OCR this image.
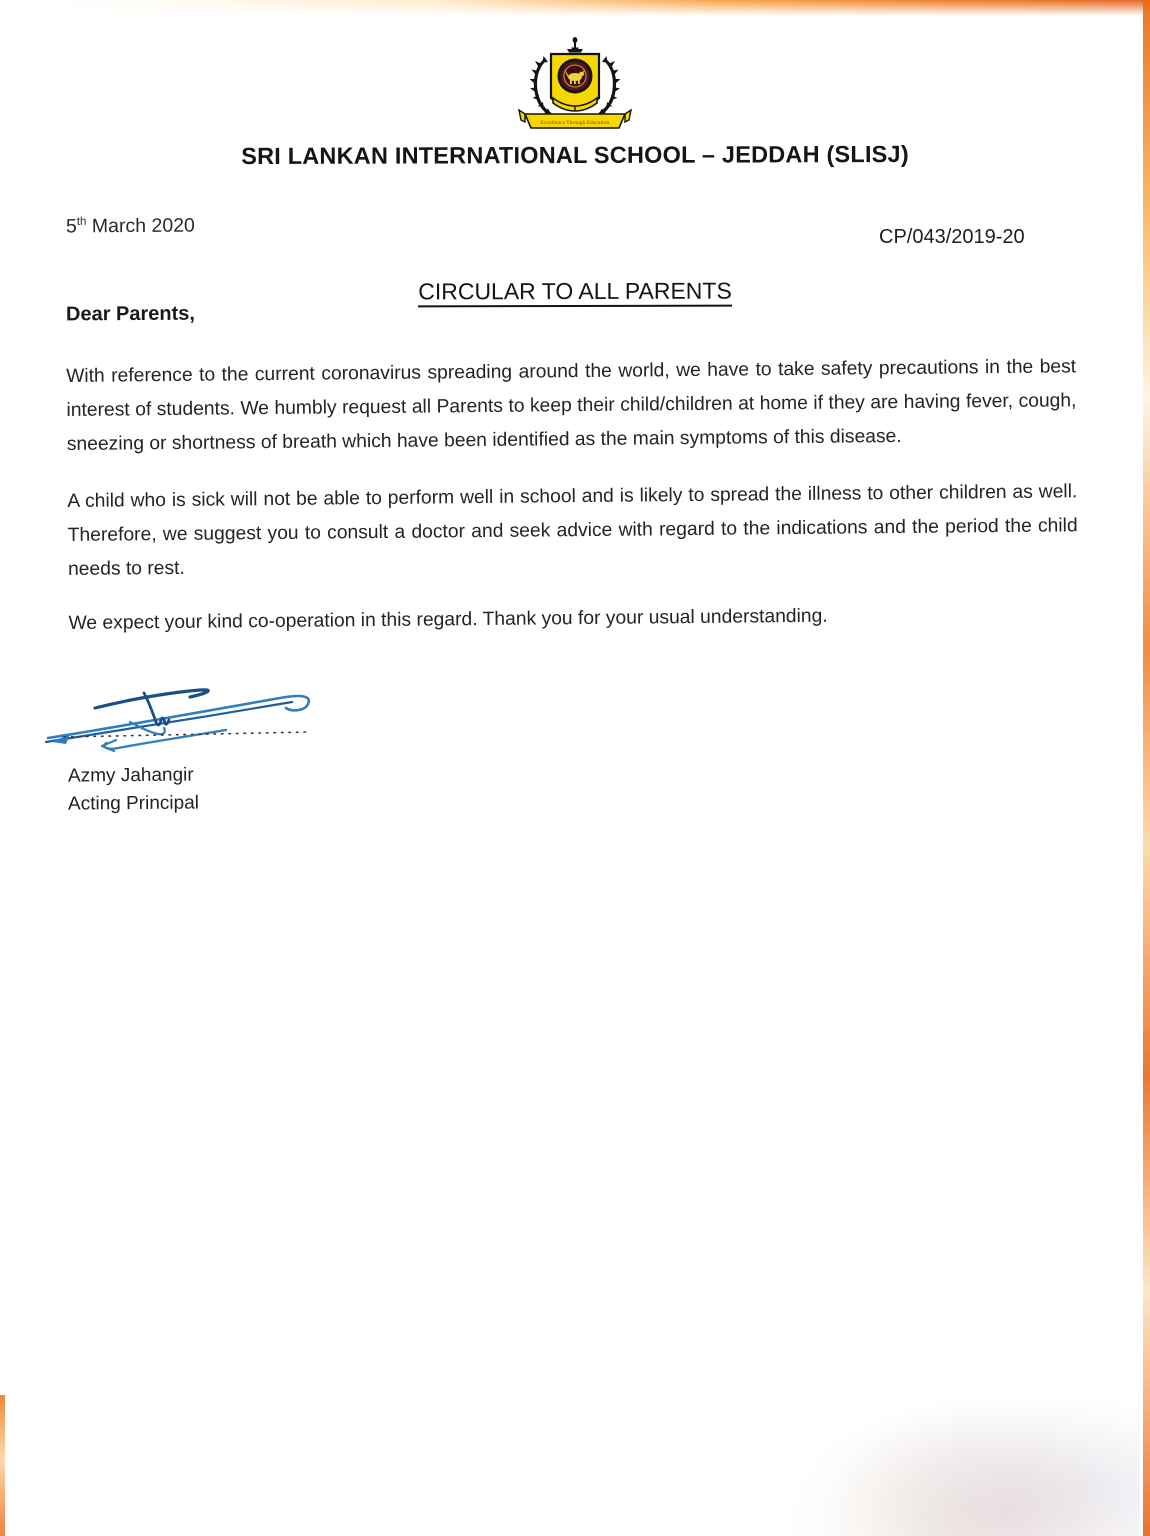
Excellence Through Education
SRI LANKAN INTERNATIONAL SCHOOL – JEDDAH (SLISJ)
5th March 2020	CP/043/2019-20
CIRCULAR TO ALL PARENTS
Dear Parents,

With reference to the current coronavirus spreading around the world, we have to take safety precautions in the best interest of students. We humbly request all Parents to keep their child/children at home if they are having fever, cough, sneezing or shortness of breath which have been identified as the main symptoms of this disease.

A child who is sick will not be able to perform well in school and is likely to spread the illness to other children as well. Therefore, we suggest you to consult a doctor and seek advice with regard to the indications and the period the child needs to rest.

We expect your kind co-operation in this regard. Thank you for your usual understanding.

Azmy Jahangir
Acting Principal
